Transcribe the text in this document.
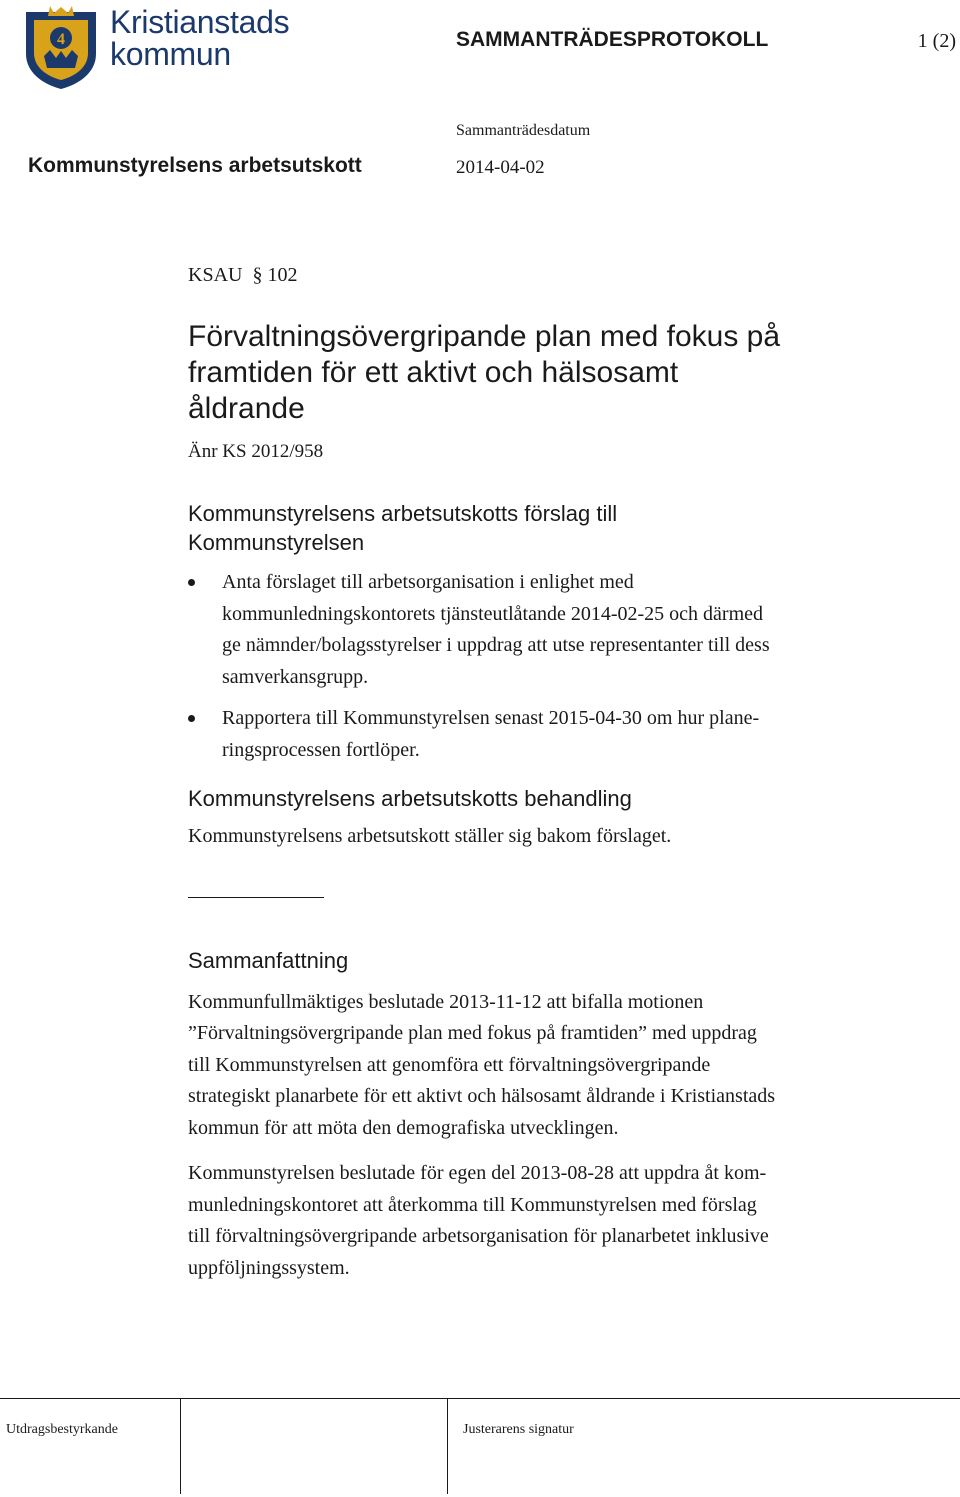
4 Kristianstads
kommun	SAMMANTRÄDESPROTOKOLL	1 (2)
Sammanträdesdatum
Kommunstyrelsens arbetsutskott	2014-04-02

KSAU  § 102

Förvaltningsövergripande plan med fokus på
framtiden för ett aktivt och hälsosamt
åldrande

Änr KS 2012/958

Kommunstyrelsens arbetsutskotts förslag till
Kommunstyrelsen
Anta förslaget till arbetsorganisation i enlighet med
kommunledningskontorets tjänsteutlåtande 2014-02-25 och därmed
ge nämnder/bolagsstyrelser i uppdrag att utse representanter till dess
samverkansgrupp.
Rapportera till Kommunstyrelsen senast 2015-04-30 om hur plane-
ringsprocessen fortlöper.
Kommunstyrelsens arbetsutskotts behandling

Kommunstyrelsens arbetsutskott ställer sig bakom förslaget.

Sammanfattning

Kommunfullmäktiges beslutade 2013-11-12 att bifalla motionen
”Förvaltningsövergripande plan med fokus på framtiden” med uppdrag
till Kommunstyrelsen att genomföra ett förvaltningsövergripande
strategiskt planarbete för ett aktivt och hälsosamt åldrande i Kristianstads
kommun för att möta den demografiska utvecklingen.

Kommunstyrelsen beslutade för egen del 2013-08-28 att uppdra åt kom-
munledningskontoret att återkomma till Kommunstyrelsen med förslag
till förvaltningsövergripande arbetsorganisation för planarbetet inklusive
uppföljningssystem.

Utdragsbestyrkande	Justerarens signatur
